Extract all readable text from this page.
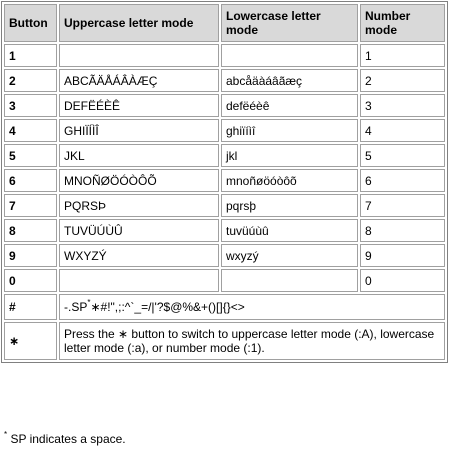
Button	Uppercase letter mode	Lowercase letter mode	Number mode
1			1
2	ABCÃÄÅÁÂÀÆÇ	abcåäàáâãæç	2
3	DEFËÉÈÊ	defëéèê	3
4	GHIÏÍÌÎ	ghiïíìî	4
5	JKL	jkl	5
6	MNOÑØÖÓÒÔÕ	mnoñøöóòôõ	6
7	PQRSÞ	pqrsþ	7
8	TUVÜÚÙÛ	tuvüúùû	8
9	WXYZÝ	wxyzý	9
0			0
#	-.SP*∗#!",;:^`_=/|'?$@%&+()[]{}<>		
∗	Press the ∗ button to switch to uppercase letter mode (:A), lowercase letter mode (:a), or number mode (:1).		
* SP indicates a space.
